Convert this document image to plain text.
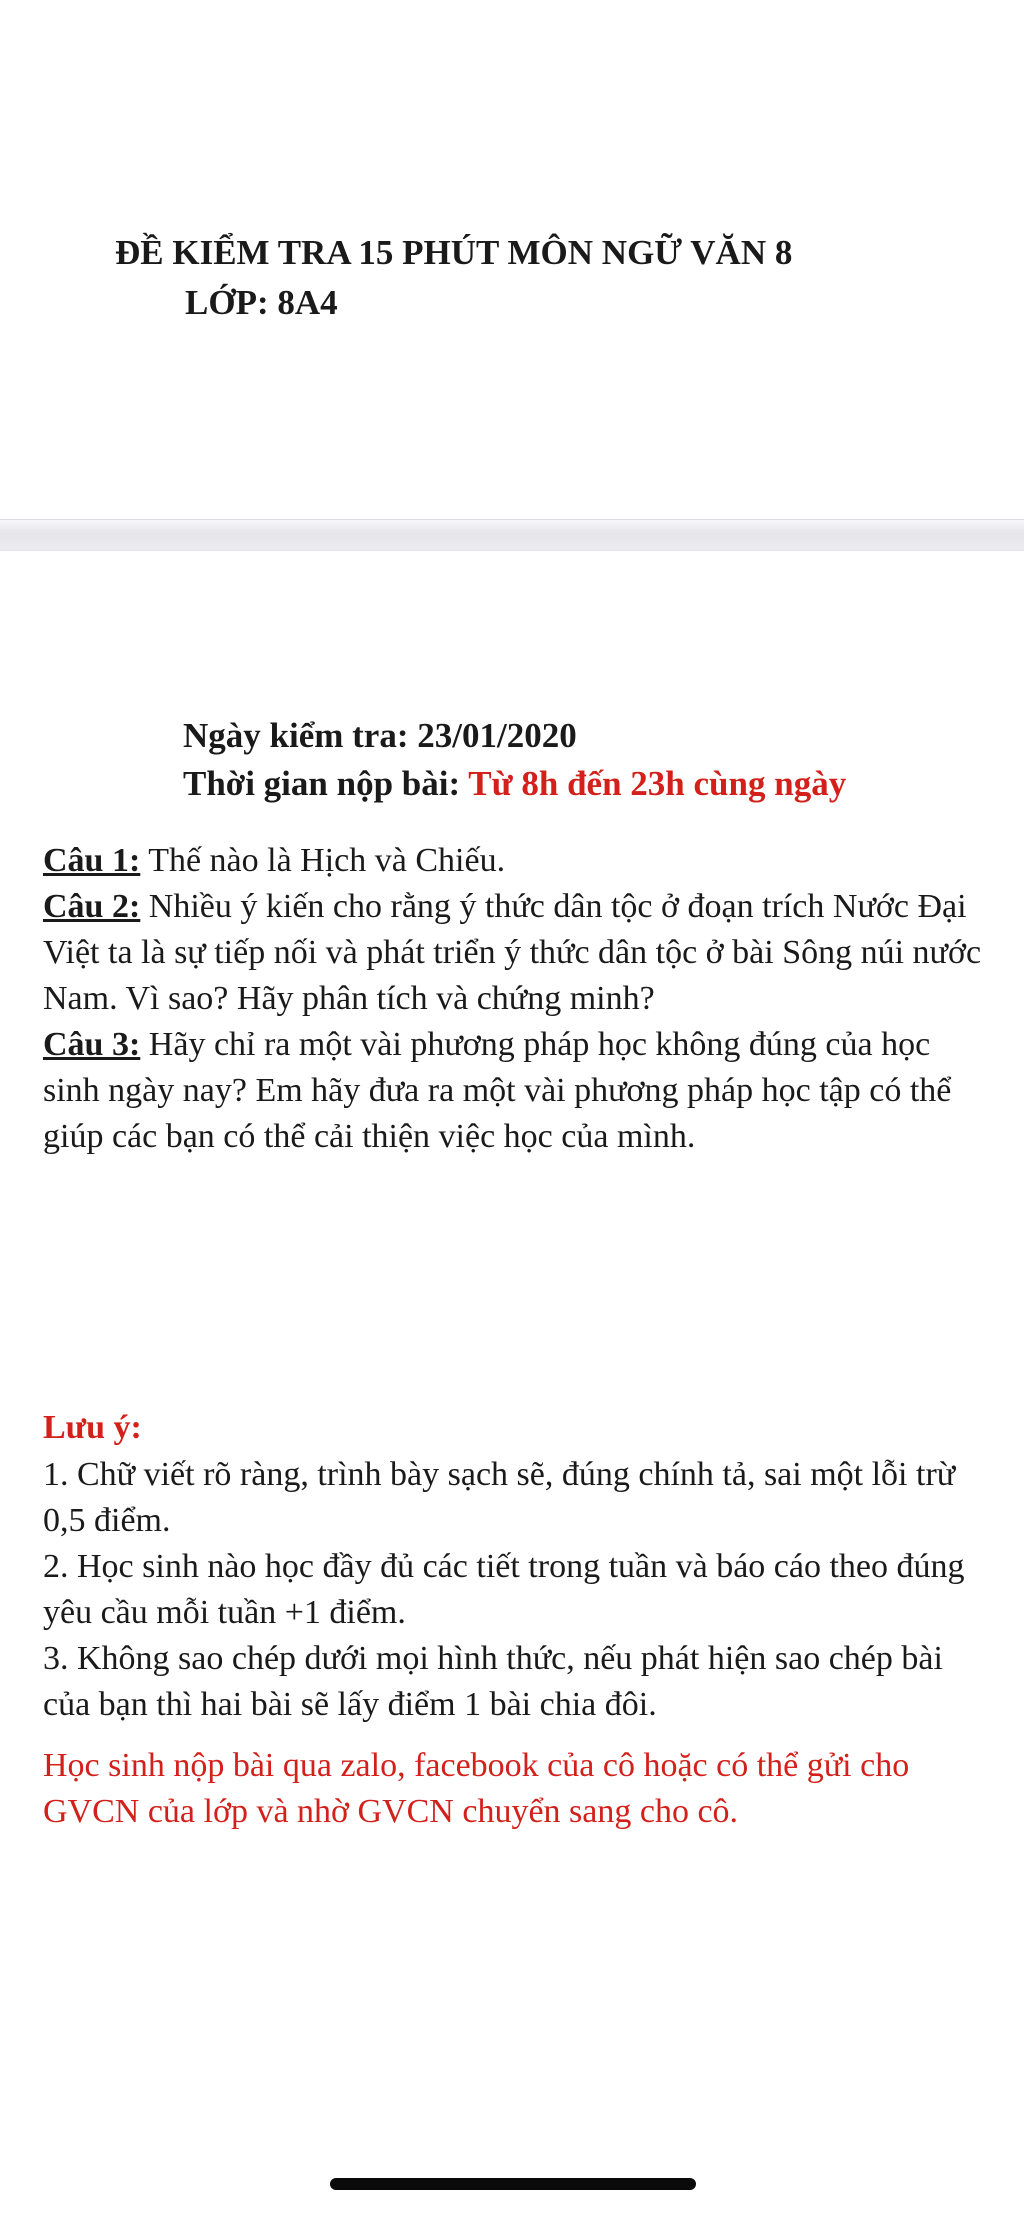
ĐỀ KIỂM TRA 15 PHÚT MÔN NGỮ VĂN 8
LỚP: 8A4
Ngày kiểm tra: 23/01/2020
Thời gian nộp bài: Từ 8h đến 23h cùng ngày

Câu 1: Thế nào là Hịch và Chiếu.

Câu 2: Nhiều ý kiến cho rằng ý thức dân tộc ở đoạn trích Nước Đại Việt ta là sự tiếp nối và phát triển ý thức dân tộc ở bài Sông núi nước Nam. Vì sao? Hãy phân tích và chứng minh?

Câu 3: Hãy chỉ ra một vài phương pháp học không đúng của học sinh ngày nay? Em hãy đưa ra một vài phương pháp học tập có thể giúp các bạn có thể cải thiện việc học của mình.

Lưu ý:

1. Chữ viết rõ ràng, trình bày sạch sẽ, đúng chính tả, sai một lỗi trừ 0,5 điểm.

2. Học sinh nào học đầy đủ các tiết trong tuần và báo cáo theo đúng yêu cầu mỗi tuần +1 điểm.

3. Không sao chép dưới mọi hình thức, nếu phát hiện sao chép bài của bạn thì hai bài sẽ lấy điểm 1 bài chia đôi.

Học sinh nộp bài qua zalo, facebook của cô hoặc có thể gửi cho GVCN của lớp và nhờ GVCN chuyển sang cho cô.
